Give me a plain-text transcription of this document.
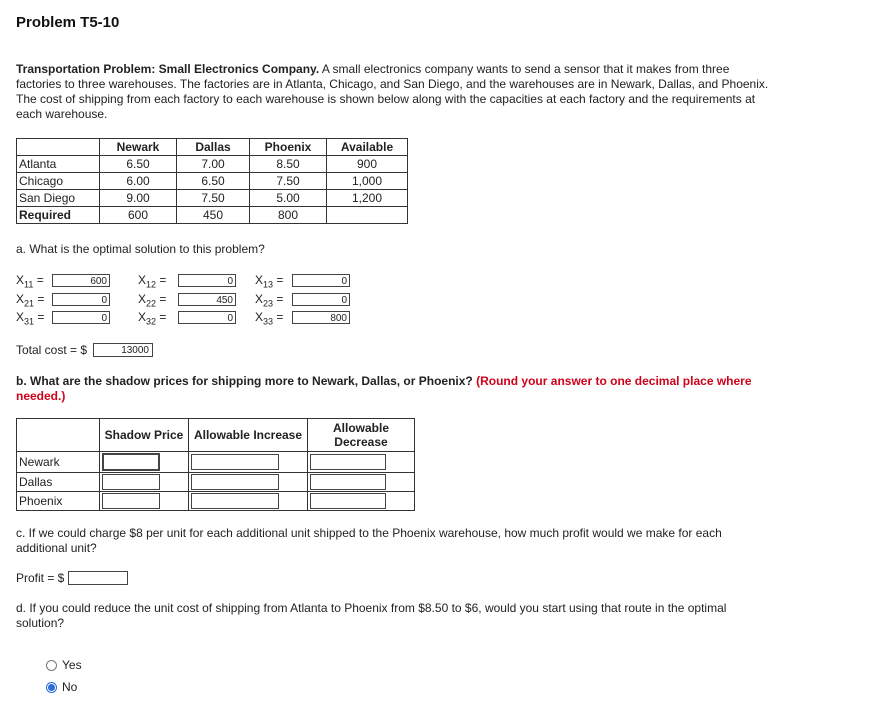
Problem T5-10
Transportation Problem: Small Electronics Company. A small electronics company wants to send a sensor that it makes from three factories to three warehouses. The factories are in Atlanta, Chicago, and San Diego, and the warehouses are in Newark, Dallas, and Phoenix. The cost of shipping from each factory to each warehouse is shown below along with the capacities at each factory and the requirements at each warehouse.
	Newark	Dallas	Phoenix	Available
Atlanta	6.50	7.00	8.50	900
Chicago	6.00	6.50	7.50	1,000
San Diego	9.00	7.50	5.00	1,200
Required	600	450	800	
a. What is the optimal solution to this problem?
$X_{11}$ =	600	$X_{12}$ =	0 $X_{13}$ =	0
$X_{21}$ =	0	$X_{22}$ =	450 $X_{23}$ =	0
$X_{31}$ =	0	$X_{32}$ =	0 $X_{33}$ =	800
Total cost = $	13000
b. What are the shadow prices for shipping more to Newark, Dallas, or Phoenix? (Round your answer to one decimal place where needed.)
	Shadow Price	Allowable Increase	Allowable Decrease
Newark	

Dallas	

Phoenix	

c. If we could charge $8 per unit for each additional unit shipped to the Phoenix warehouse, how much profit would we make for each additional unit?
Profit = $
d. If you could reduce the unit cost of shipping from Atlanta to Phoenix from $8.50 to $6, would you start using that route in the optimal solution?
Yes
No
